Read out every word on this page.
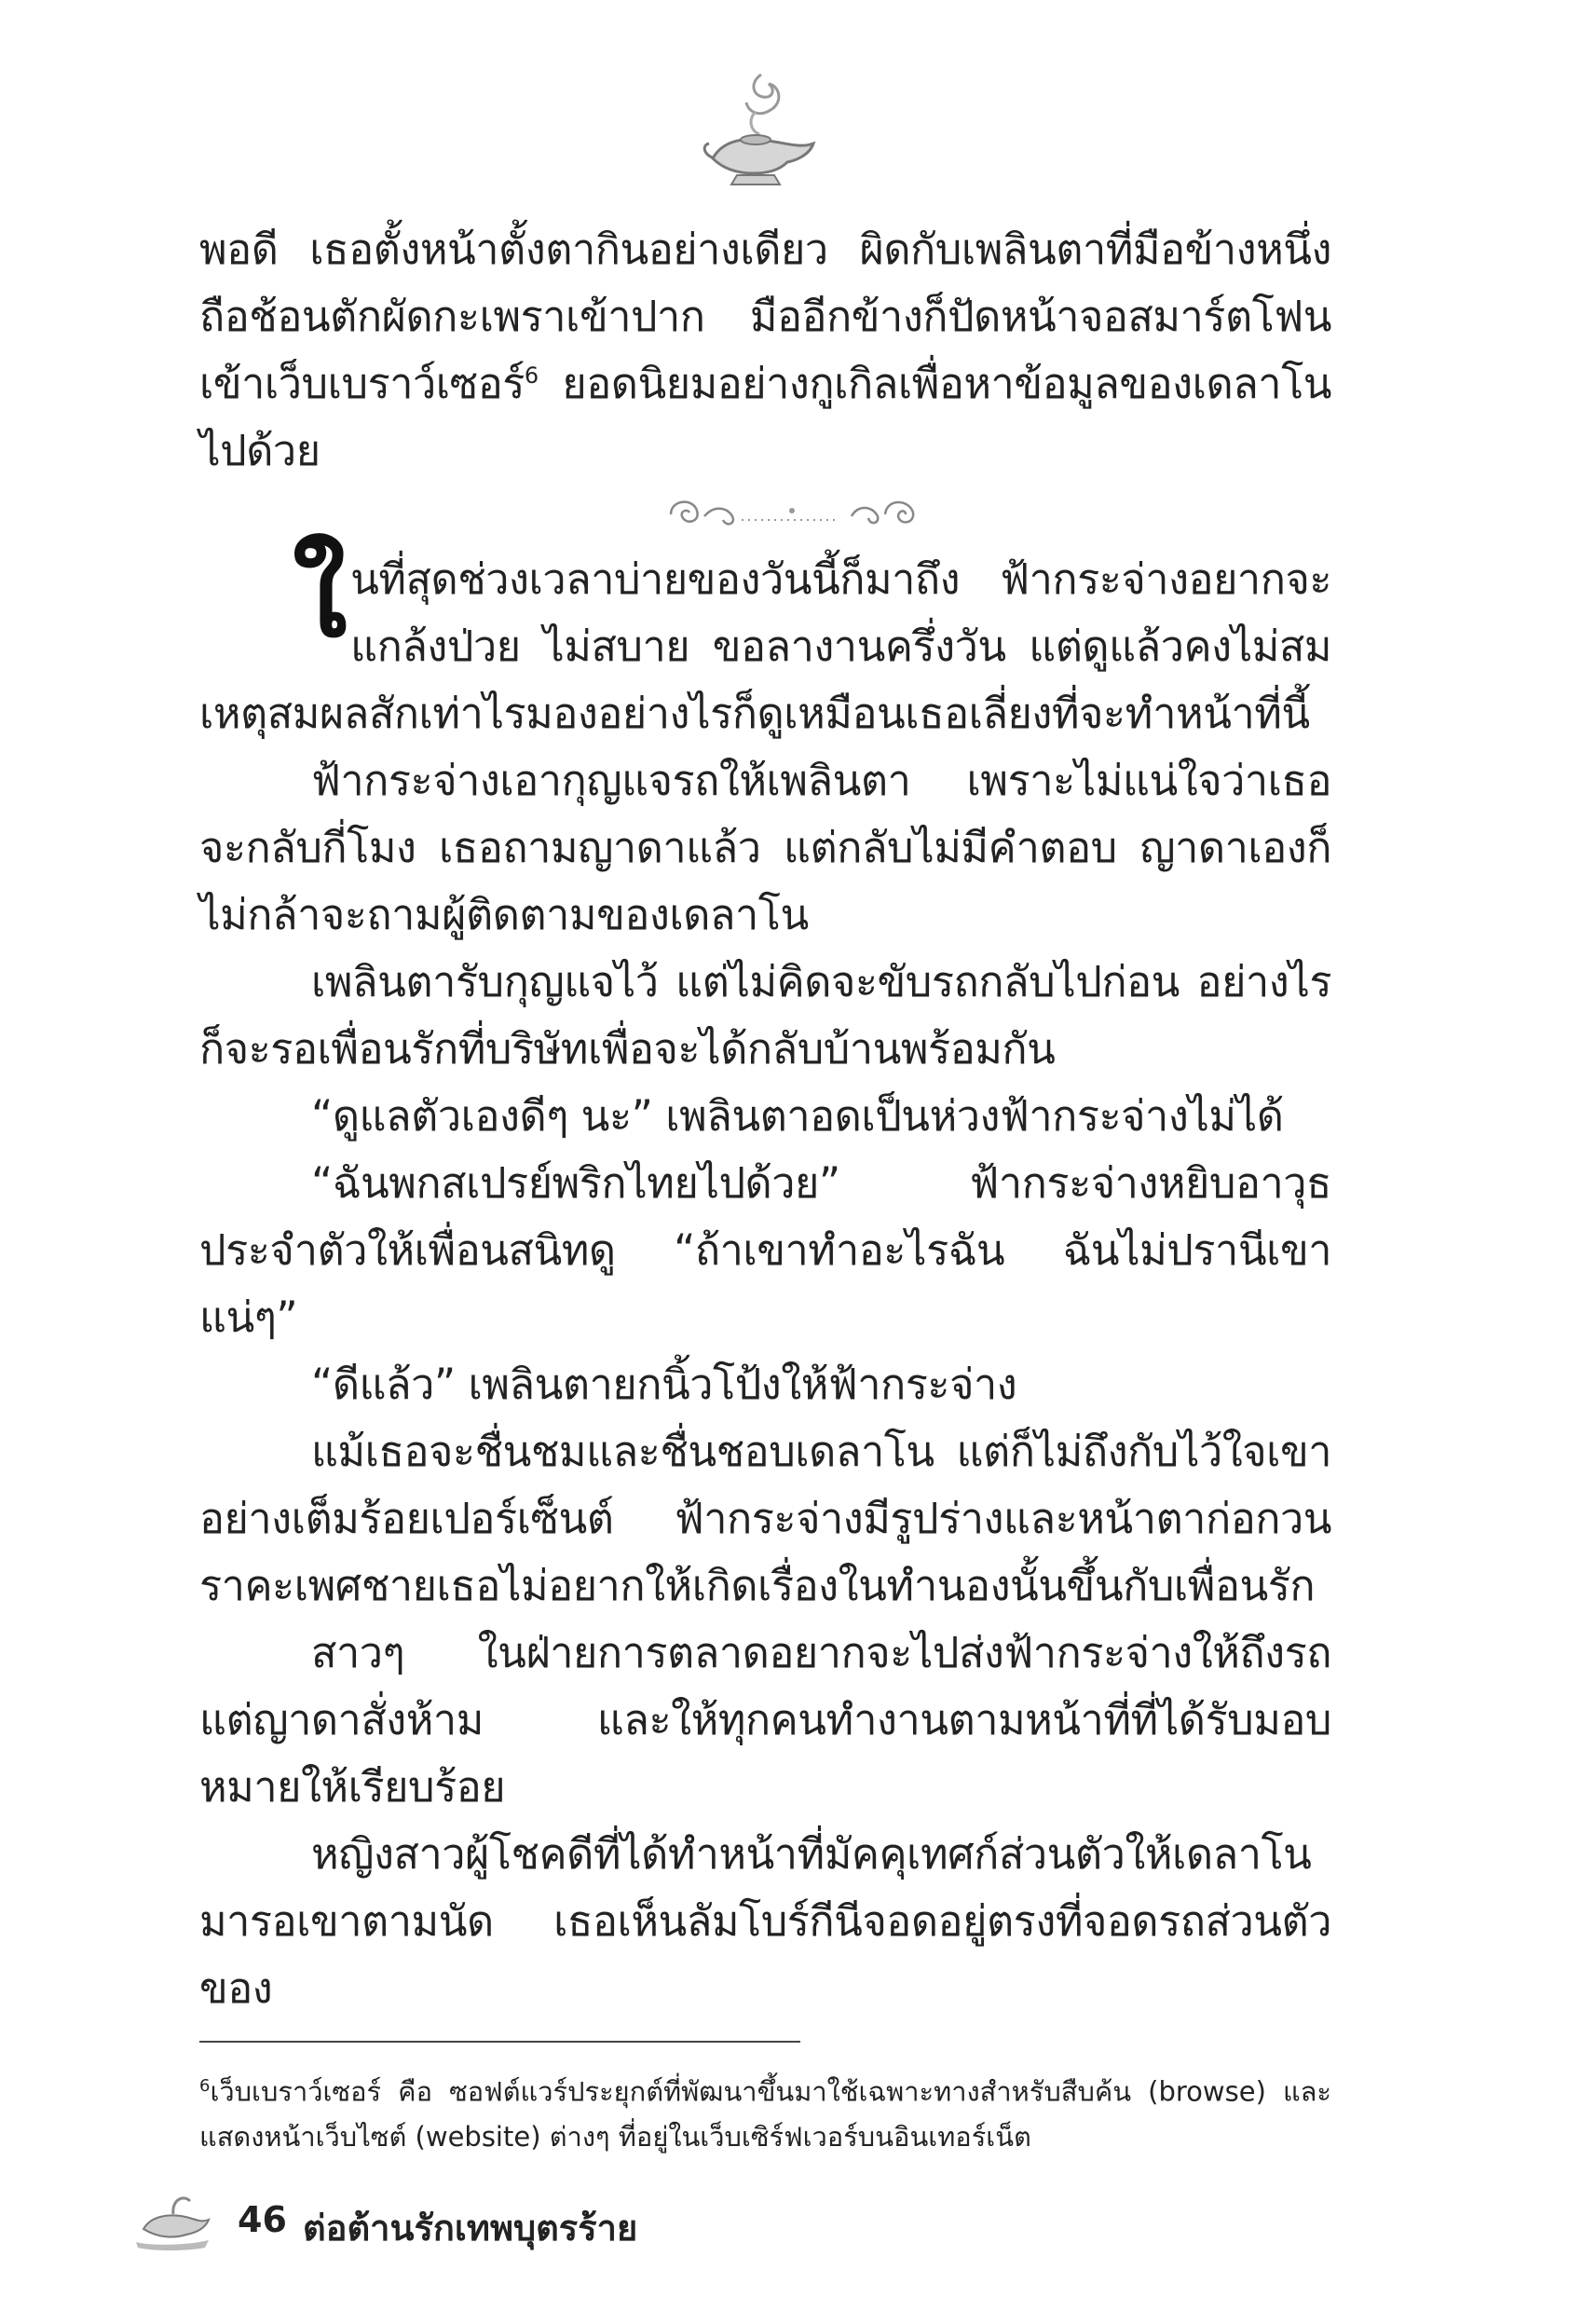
พอดี เธอตั้งหน้าตั้งตากินอย่างเดียว ผิดกับเพลินตาที่มือข้างหนึ่งถือช้อนตักผัดกะเพราเข้าปาก มืออีกข้างก็ปัดหน้าจอสมาร์ตโฟน เข้าเว็บเบราว์เซอร์$^6$ ยอดนิยมอย่างกูเกิลเพื่อหาข้อมูลของเดลาโนไปด้วย

ในที่สุดช่วงเวลาบ่ายของวันนี้ก็มาถึง ฟ้ากระจ่างอยากจะแกล้งป่วย ไม่สบาย ขอลางานครึ่งวัน แต่ดูแล้วคงไม่สมเหตุสมผลสักเท่าไรมองอย่างไรก็ดูเหมือนเธอเลี่ยงที่จะทำหน้าที่นี้

ฟ้ากระจ่างเอากุญแจรถให้เพลินตา เพราะไม่แน่ใจว่าเธอจะกลับกี่โมง เธอถามญาดาแล้ว แต่กลับไม่มีคำตอบ ญาดาเองก็ไม่กล้าจะถามผู้ติดตามของเดลาโน

เพลินตารับกุญแจไว้ แต่ไม่คิดจะขับรถกลับไปก่อน อย่างไรก็จะรอเพื่อนรักที่บริษัทเพื่อจะได้กลับบ้านพร้อมกัน

“ดูแลตัวเองดีๆ นะ” เพลินตาอดเป็นห่วงฟ้ากระจ่างไม่ได้

“ฉันพกสเปรย์พริกไทยไปด้วย” ฟ้ากระจ่างหยิบอาวุธประจำตัวให้เพื่อนสนิทดู “ถ้าเขาทำอะไรฉัน ฉันไม่ปรานีเขาแน่ๆ”

“ดีแล้ว” เพลินตายกนิ้วโป้งให้ฟ้ากระจ่าง

แม้เธอจะชื่นชมและชื่นชอบเดลาโน แต่ก็ไม่ถึงกับไว้ใจเขาอย่างเต็มร้อยเปอร์เซ็นต์ ฟ้ากระจ่างมีรูปร่างและหน้าตาก่อกวนราคะเพศชายเธอไม่อยากให้เกิดเรื่องในทำนองนั้นขึ้นกับเพื่อนรัก

สาวๆ ในฝ่ายการตลาดอยากจะไปส่งฟ้ากระจ่างให้ถึงรถ แต่ญาดาสั่งห้าม และให้ทุกคนทำงานตามหน้าที่ที่ได้รับมอบหมายให้เรียบร้อย

หญิงสาวผู้โชคดีที่ได้ทำหน้าที่มัคคุเทศก์ส่วนตัวให้เดลาโนมารอเขาตามนัด เธอเห็นลัมโบร์กีนีจอดอยู่ตรงที่จอดรถส่วนตัวของ

$^6$เว็บเบราว์เซอร์ คือ ซอฟต์แวร์ประยุกต์ที่พัฒนาขึ้นมาใช้เฉพาะทางสำหรับสืบค้น (browse) และแสดงหน้าเว็บไซต์ (website) ต่างๆ ที่อยู่ในเว็บเซิร์ฟเวอร์บนอินเทอร์เน็ต

46 ต่อต้านรักเทพบุตรร้าย
